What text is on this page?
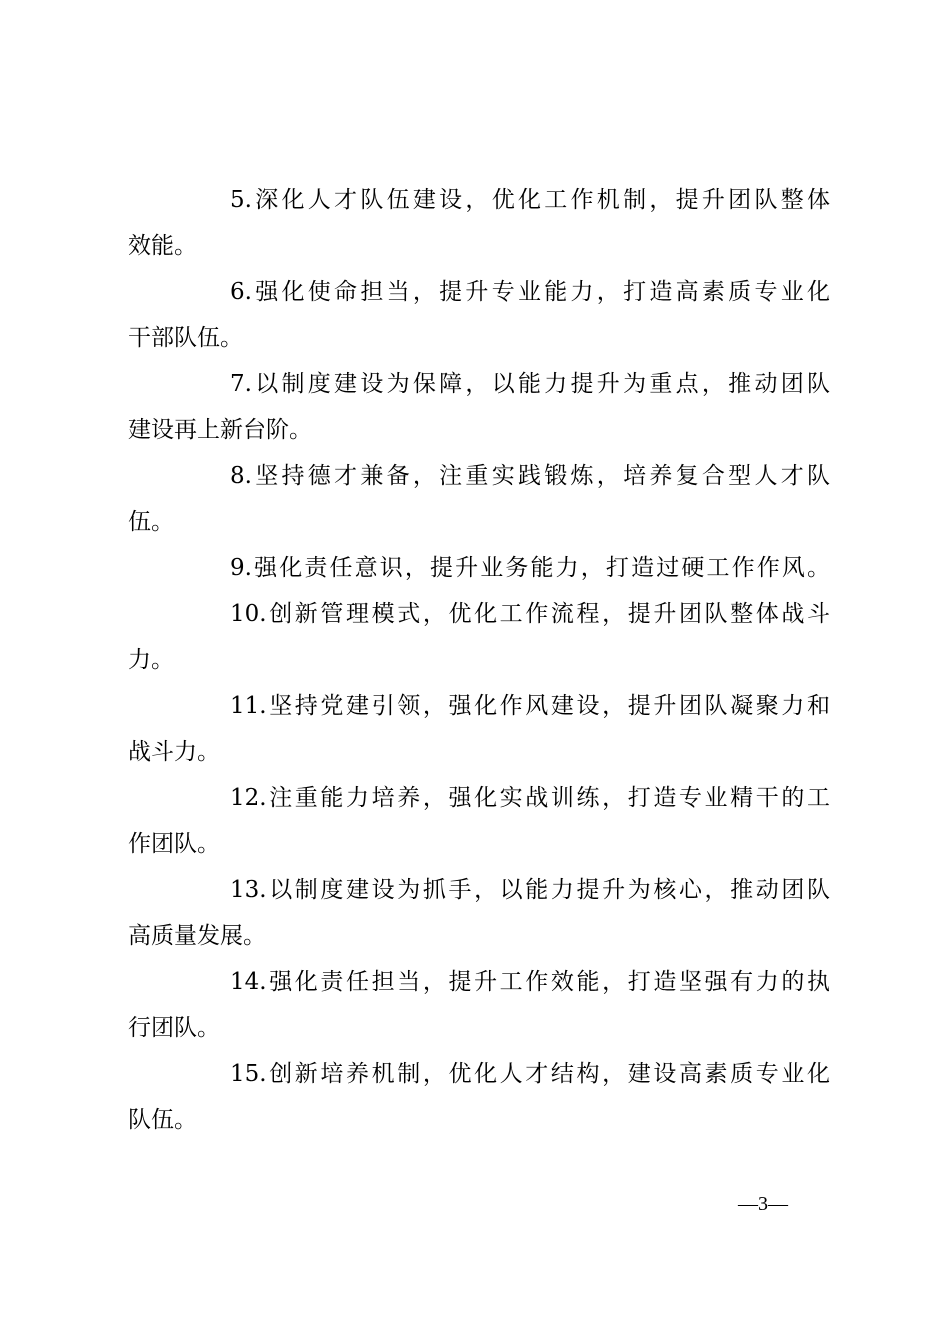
5.深化人才队伍建设，优化工作机制，提升团队整体
效能。
6.强化使命担当，提升专业能力，打造高素质专业化
干部队伍。
7.以制度建设为保障，以能力提升为重点，推动团队
建设再上新台阶。
8.坚持德才兼备，注重实践锻炼，培养复合型人才队
伍。
9.强化责任意识，提升业务能力，打造过硬工作作风。
10.创新管理模式，优化工作流程，提升团队整体战斗
力。
11.坚持党建引领，强化作风建设，提升团队凝聚力和
战斗力。
12.注重能力培养，强化实战训练，打造专业精干的工
作团队。
13.以制度建设为抓手，以能力提升为核心，推动团队
高质量发展。
14.强化责任担当，提升工作效能，打造坚强有力的执
行团队。
15.创新培养机制，优化人才结构，建设高素质专业化
队伍。
—3—
